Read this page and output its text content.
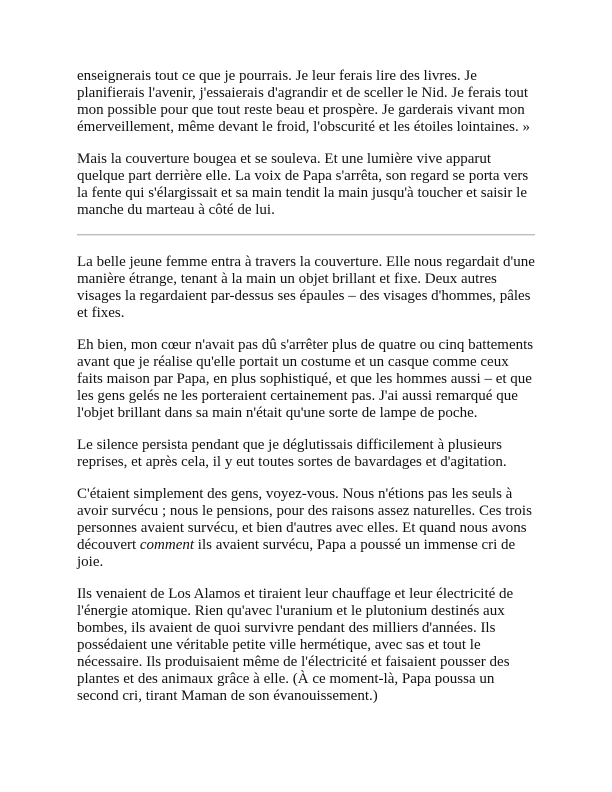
enseignerais tout ce que je pourrais. Je leur ferais lire des livres. Je planifierais l'avenir, j'essaierais d'agrandir et de sceller le Nid. Je ferais tout mon possible pour que tout reste beau et prospère. Je garderais vivant mon émerveillement, même devant le froid, l'obscurité et les étoiles lointaines. »

Mais la couverture bougea et se souleva. Et une lumière vive apparut quelque part derrière elle. La voix de Papa s'arrêta, son regard se porta vers la fente qui s'élargissait et sa main tendit la main jusqu'à toucher et saisir le manche du marteau à côté de lui.

La belle jeune femme entra à travers la couverture. Elle nous regardait d'une manière étrange, tenant à la main un objet brillant et fixe. Deux autres visages la regardaient par-dessus ses épaules – des visages d'hommes, pâles et fixes.

Eh bien, mon cœur n'avait pas dû s'arrêter plus de quatre ou cinq battements avant que je réalise qu'elle portait un costume et un casque comme ceux faits maison par Papa, en plus sophistiqué, et que les hommes aussi – et que les gens gelés ne les porteraient certainement pas. J'ai aussi remarqué que l'objet brillant dans sa main n'était qu'une sorte de lampe de poche.

Le silence persista pendant que je déglutissais difficilement à plusieurs reprises, et après cela, il y eut toutes sortes de bavardages et d'agitation.

C'étaient simplement des gens, voyez-vous. Nous n'étions pas les seuls à avoir survécu ; nous le pensions, pour des raisons assez naturelles. Ces trois personnes avaient survécu, et bien d'autres avec elles. Et quand nous avons découvert comment ils avaient survécu, Papa a poussé un immense cri de joie.

Ils venaient de Los Alamos et tiraient leur chauffage et leur électricité de l'énergie atomique. Rien qu'avec l'uranium et le plutonium destinés aux bombes, ils avaient de quoi survivre pendant des milliers d'années. Ils possédaient une véritable petite ville hermétique, avec sas et tout le nécessaire. Ils produisaient même de l'électricité et faisaient pousser des plantes et des animaux grâce à elle. (À ce moment-là, Papa poussa un second cri, tirant Maman de son évanouissement.)
